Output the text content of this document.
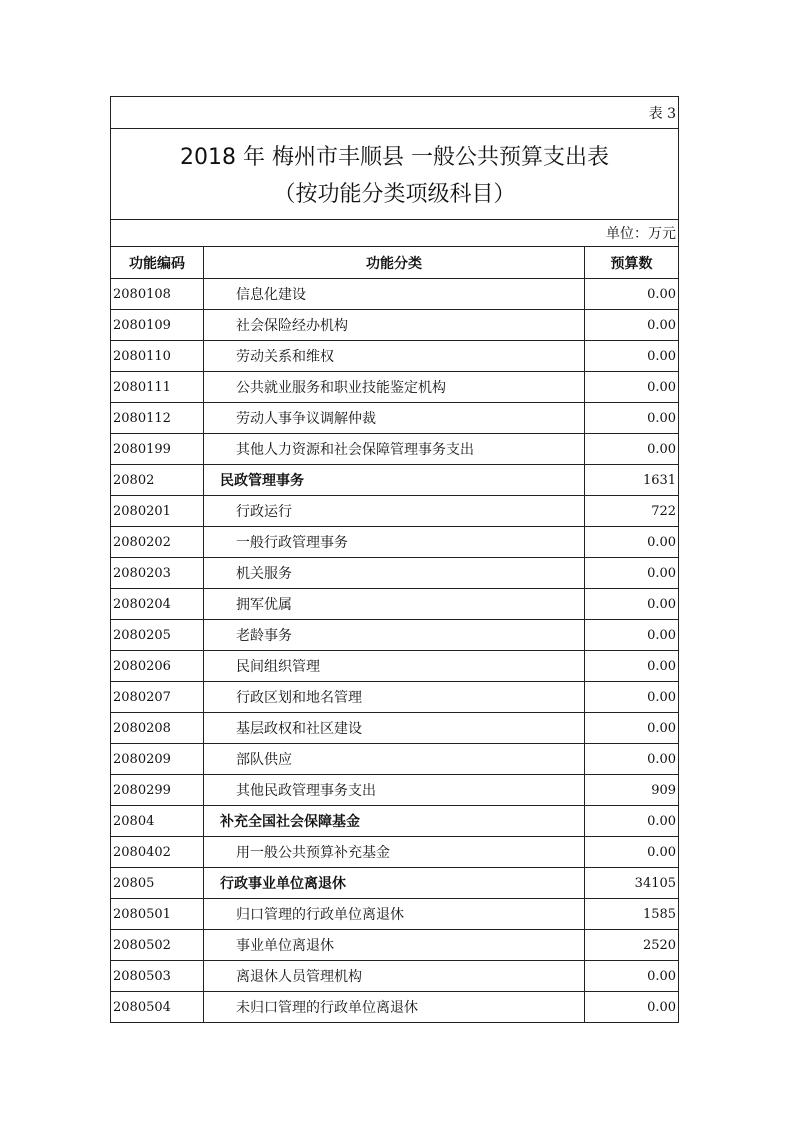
表 3		

2018 年 梅州市丰顺县 一般公共预算支出表
（按功能分类项级科目）		

单位：万元		
功能编码	功能分类	预算数
2080108	信息化建设	0.00
2080109	社会保险经办机构	0.00
2080110	劳动关系和维权	0.00
2080111	公共就业服务和职业技能鉴定机构	0.00
2080112	劳动人事争议调解仲裁	0.00
2080199	其他人力资源和社会保障管理事务支出	0.00
20802	民政管理事务	1631
2080201	行政运行	722
2080202	一般行政管理事务	0.00
2080203	机关服务	0.00
2080204	拥军优属	0.00
2080205	老龄事务	0.00
2080206	民间组织管理	0.00
2080207	行政区划和地名管理	0.00
2080208	基层政权和社区建设	0.00
2080209	部队供应	0.00
2080299	其他民政管理事务支出	909
20804	补充全国社会保障基金	0.00
2080402	用一般公共预算补充基金	0.00
20805	行政事业单位离退休	34105
2080501	归口管理的行政单位离退休	1585
2080502	事业单位离退休	2520
2080503	离退休人员管理机构	0.00
2080504	未归口管理的行政单位离退休	0.00
